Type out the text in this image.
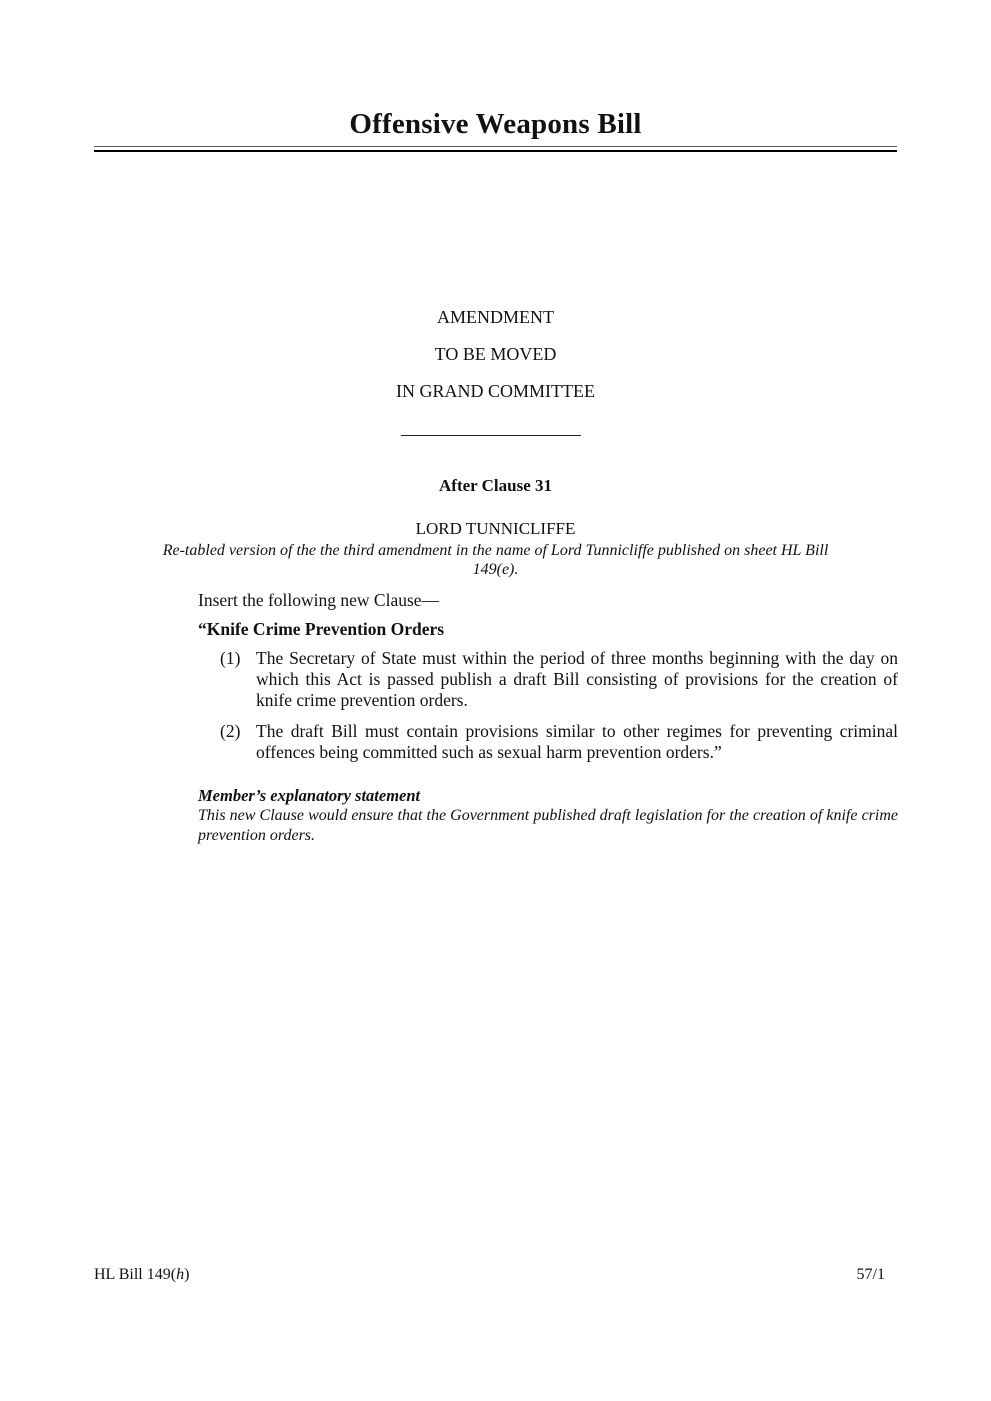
Offensive Weapons Bill
AMENDMENT
TO BE MOVED
IN GRAND COMMITTEE
After Clause 31
LORD TUNNICLIFFE
Re-tabled version of the the third amendment in the name of Lord Tunnicliffe published on sheet HL Bill
149(e).
Insert the following new Clause—
“Knife Crime Prevention Orders
(1) The Secretary of State must within the period of three months beginning with the day on which this Act is passed publish a draft Bill consisting of provisions for the creation of knife crime prevention orders.
(2) The draft Bill must contain provisions similar to other regimes for preventing criminal offences being committed such as sexual harm prevention orders.”
Member’s explanatory statement
This new Clause would ensure that the Government published draft legislation for the creation of knife crime prevention orders.
HL Bill 149(h)	57/1
